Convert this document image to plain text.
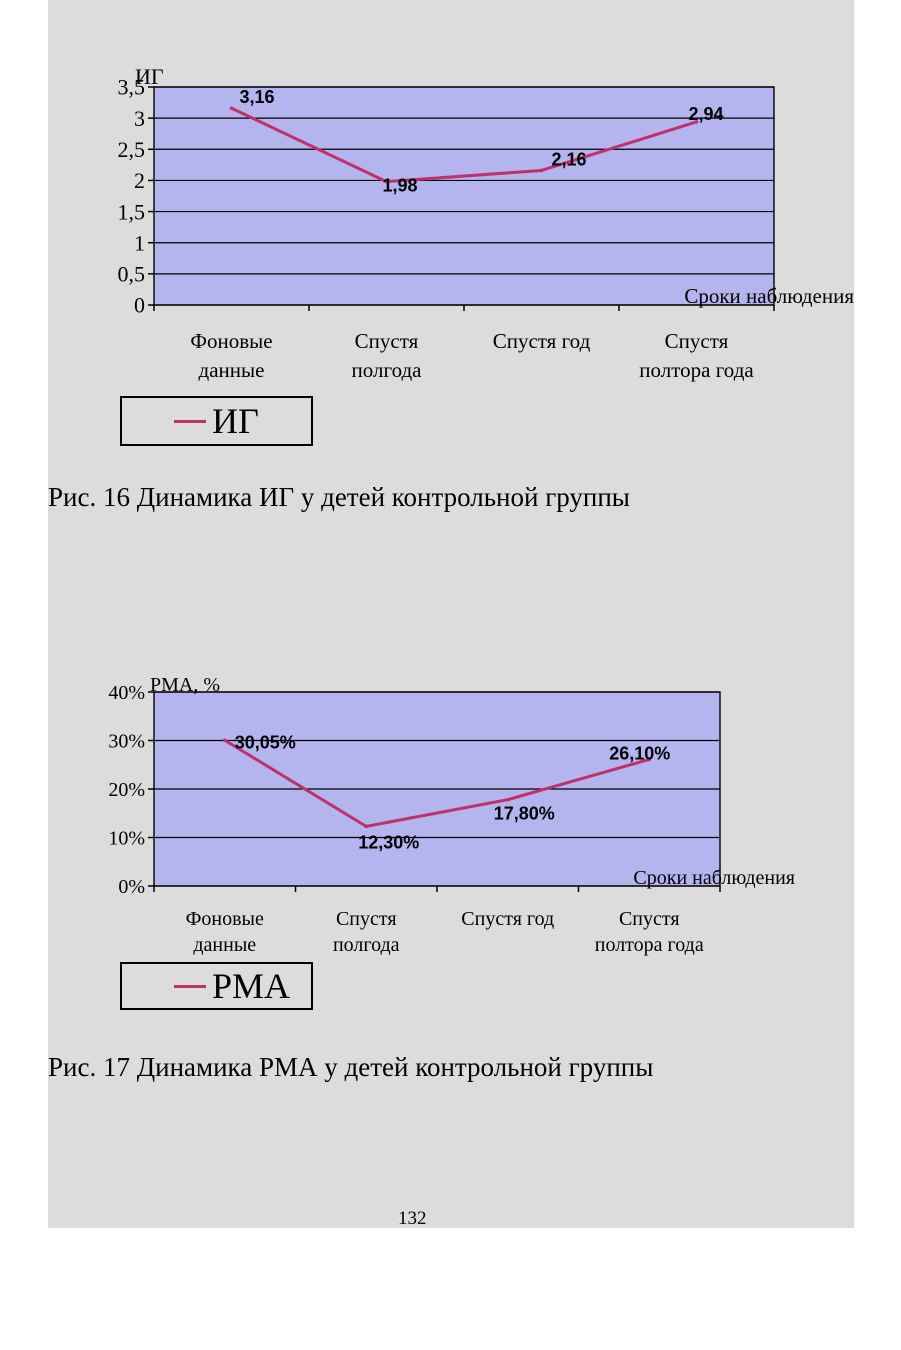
0
0,5
1
1,5
2
2,5
3
3,5
ИГ
Сроки наблюдения
Фоновые
данные
Спустя
полгода
Спустя год	Спустя
полтора года
3,16
1,98
2,16
2,94
0%
10%
20%
30%
40% РМА, %
Сроки наблюдения
Фоновые
данные
Спустя
полгода
Спустя год	Спустя
полтора года
30,05%
12,30%
17,80%
26,10%
ИГ
Рис. 16 Динамика ИГ у детей контрольной группы
РМА
Рис. 17 Динамика РМА у детей контрольной группы
132
